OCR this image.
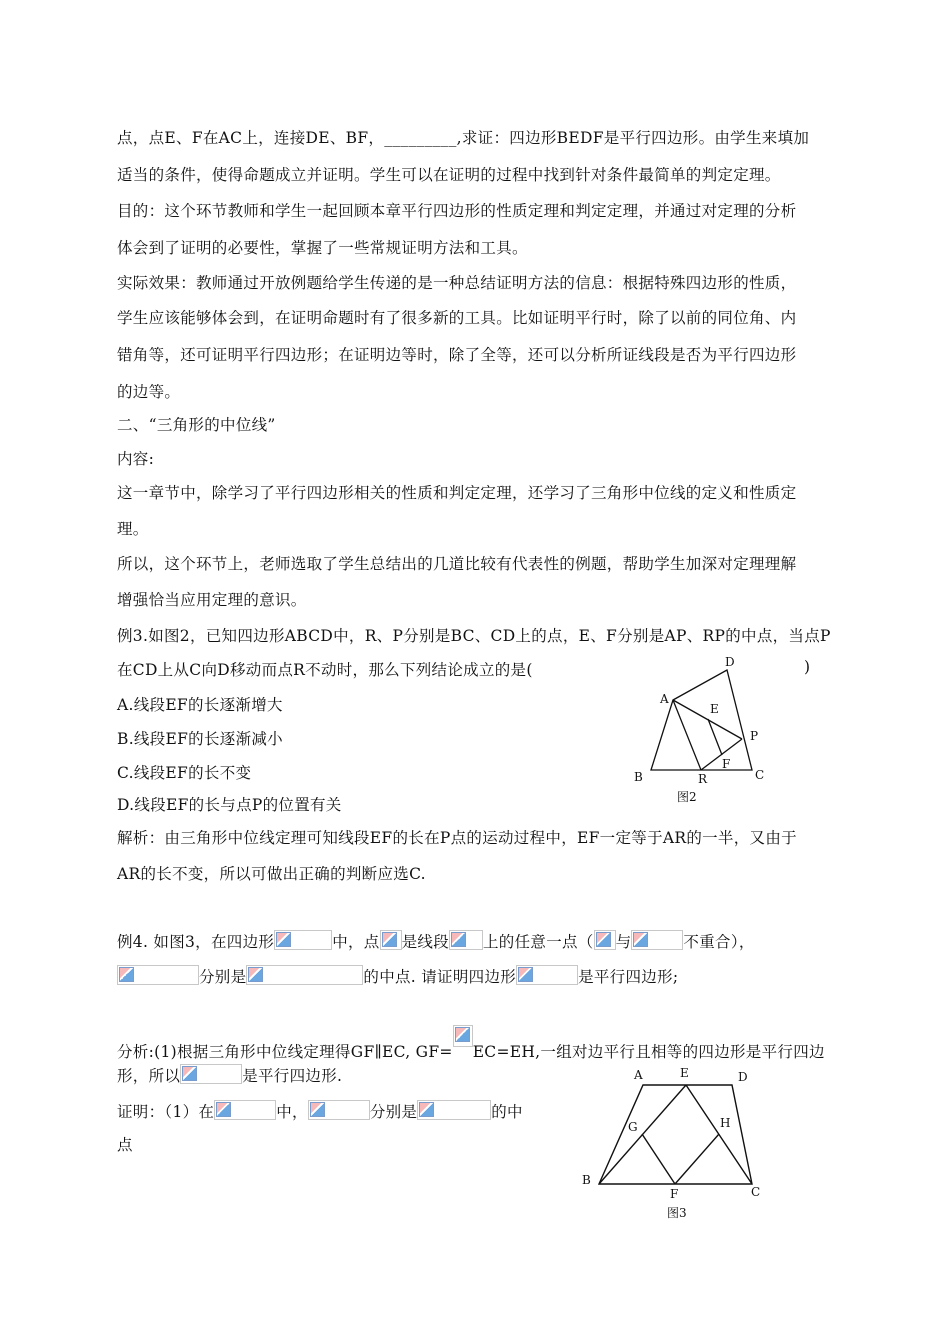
点，点E、F在AC上，连接DE、BF，_________,求证：四边形BEDF是平行四边形。由学生来填加
适当的条件，使得命题成立并证明。学生可以在证明的过程中找到针对条件最简单的判定定理。
目的：这个环节教师和学生一起回顾本章平行四边形的性质定理和判定定理，并通过对定理的分析
体会到了证明的必要性，掌握了一些常规证明方法和工具。
实际效果：教师通过开放例题给学生传递的是一种总结证明方法的信息：根据特殊四边形的性质，
学生应该能够体会到，在证明命题时有了很多新的工具。比如证明平行时，除了以前的同位角、内
错角等，还可证明平行四边形；在证明边等时，除了全等，还可以分析所证线段是否为平行四边形
的边等。
二、“三角形的中位线”
内容:
这一章节中，除学习了平行四边形相关的性质和判定定理，还学习了三角形中位线的定义和性质定
理。
所以，这个环节上，老师选取了学生总结出的几道比较有代表性的例题，帮助学生加深对定理理解
增强恰当应用定理的意识。
例3.如图2，已知四边形ABCD中，R、P分别是BC、CD上的点，E、F分别是AP、RP的中点，当点P
在CD上从C向D移动而点R不动时，那么下列结论成立的是(	)
A.线段EF的长逐渐增大
B.线段EF的长逐渐减小
C.线段EF的长不变
D.线段EF的长与点P的位置有关
解析：由三角形中位线定理可知线段EF的长在P点的运动过程中，EF一定等于AR的一半，又由于
AR的长不变，所以可做出正确的判断应选C.
A
B	C
D
E
F
P
R
图2
例4. 如图3，在四边形	中，点 是线段 上的任意一点（ 与	不重合），
分别是	的中点. 请证明四边形	是平行四边形;
分析:(1)根据三角形中位线定理得GF∥EC, GF= EC=EH,一组对边平行且相等的四边形是平行四边
形，所以	是平行四边形.
证明：（1）在	中，	分别是	的中
点
A	E	D
G	H
B
F	C
图3
